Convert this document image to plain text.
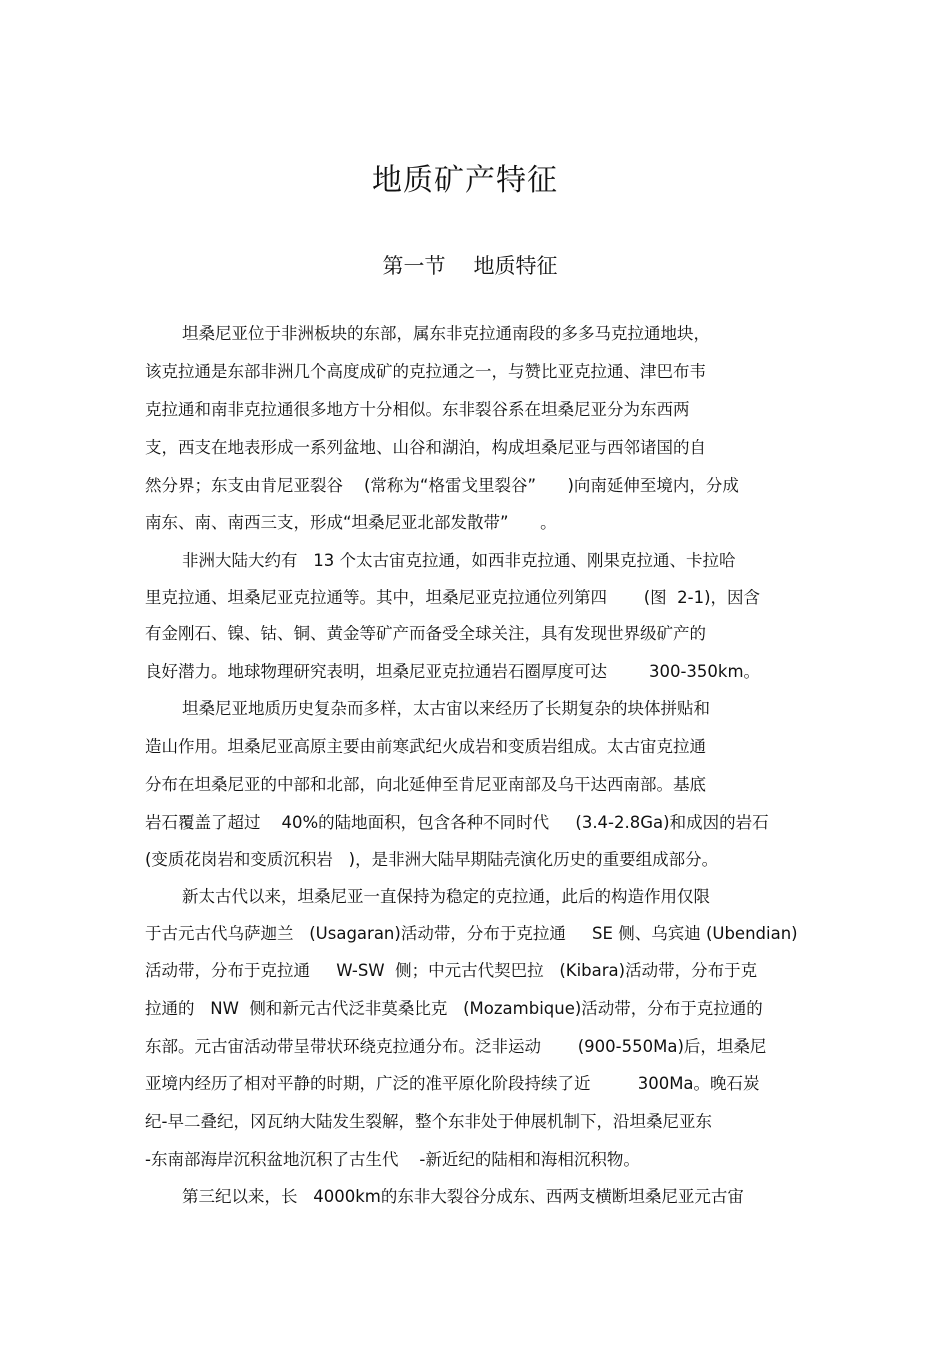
地质矿产特征
第一节 地质特征
坦桑尼亚位于非洲板块的东部，属东非克拉通南段的多多马克拉通地块，
该克拉通是东部非洲几个高度成矿的克拉通之一，与赞比亚克拉通、津巴布韦
克拉通和南非克拉通很多地方十分相似。东非裂谷系在坦桑尼亚分为东西两
支，西支在地表形成一系列盆地、山谷和湖泊，构成坦桑尼亚与西邻诸国的自
然分界；东支由肯尼亚裂谷    (常称为“格雷戈里裂谷”      )向南延伸至境内，分成
南东、南、南西三支，形成“坦桑尼亚北部发散带”      。
非洲大陆大约有   13 个太古宙克拉通，如西非克拉通、刚果克拉通、卡拉哈
里克拉通、坦桑尼亚克拉通等。其中，坦桑尼亚克拉通位列第四       (图  2-1)，因含
有金刚石、镍、钴、铜、黄金等矿产而备受全球关注，具有发现世界级矿产的
良好潜力。地球物理研究表明，坦桑尼亚克拉通岩石圈厚度可达        300-350km。
坦桑尼亚地质历史复杂而多样，太古宙以来经历了长期复杂的块体拼贴和
造山作用。坦桑尼亚高原主要由前寒武纪火成岩和变质岩组成。太古宙克拉通
分布在坦桑尼亚的中部和北部，向北延伸至肯尼亚南部及乌干达西南部。基底
岩石覆盖了超过    40%的陆地面积，包含各种不同时代     (3.4-2.8Ga)和成因的岩石
(变质花岗岩和变质沉积岩   )，是非洲大陆早期陆壳演化历史的重要组成部分。
新太古代以来，坦桑尼亚一直保持为稳定的克拉通，此后的构造作用仅限
于古元古代乌萨迦兰   (Usagaran)活动带，分布于克拉通     SE 侧、乌宾迪 (Ubendian)
活动带，分布于克拉通     W-SW  侧；中元古代契巴拉   (Kibara)活动带，分布于克
拉通的   NW  侧和新元古代泛非莫桑比克   (Mozambique)活动带，分布于克拉通的
东部。元古宙活动带呈带状环绕克拉通分布。泛非运动       (900-550Ma)后，坦桑尼
亚境内经历了相对平静的时期，广泛的准平原化阶段持续了近         300Ma。晚石炭
纪-早二叠纪，冈瓦纳大陆发生裂解，整个东非处于伸展机制下，沿坦桑尼亚东
-东南部海岸沉积盆地沉积了古生代    -新近纪的陆相和海相沉积物。
第三纪以来，长   4000km的东非大裂谷分成东、西两支横断坦桑尼亚元古宙
